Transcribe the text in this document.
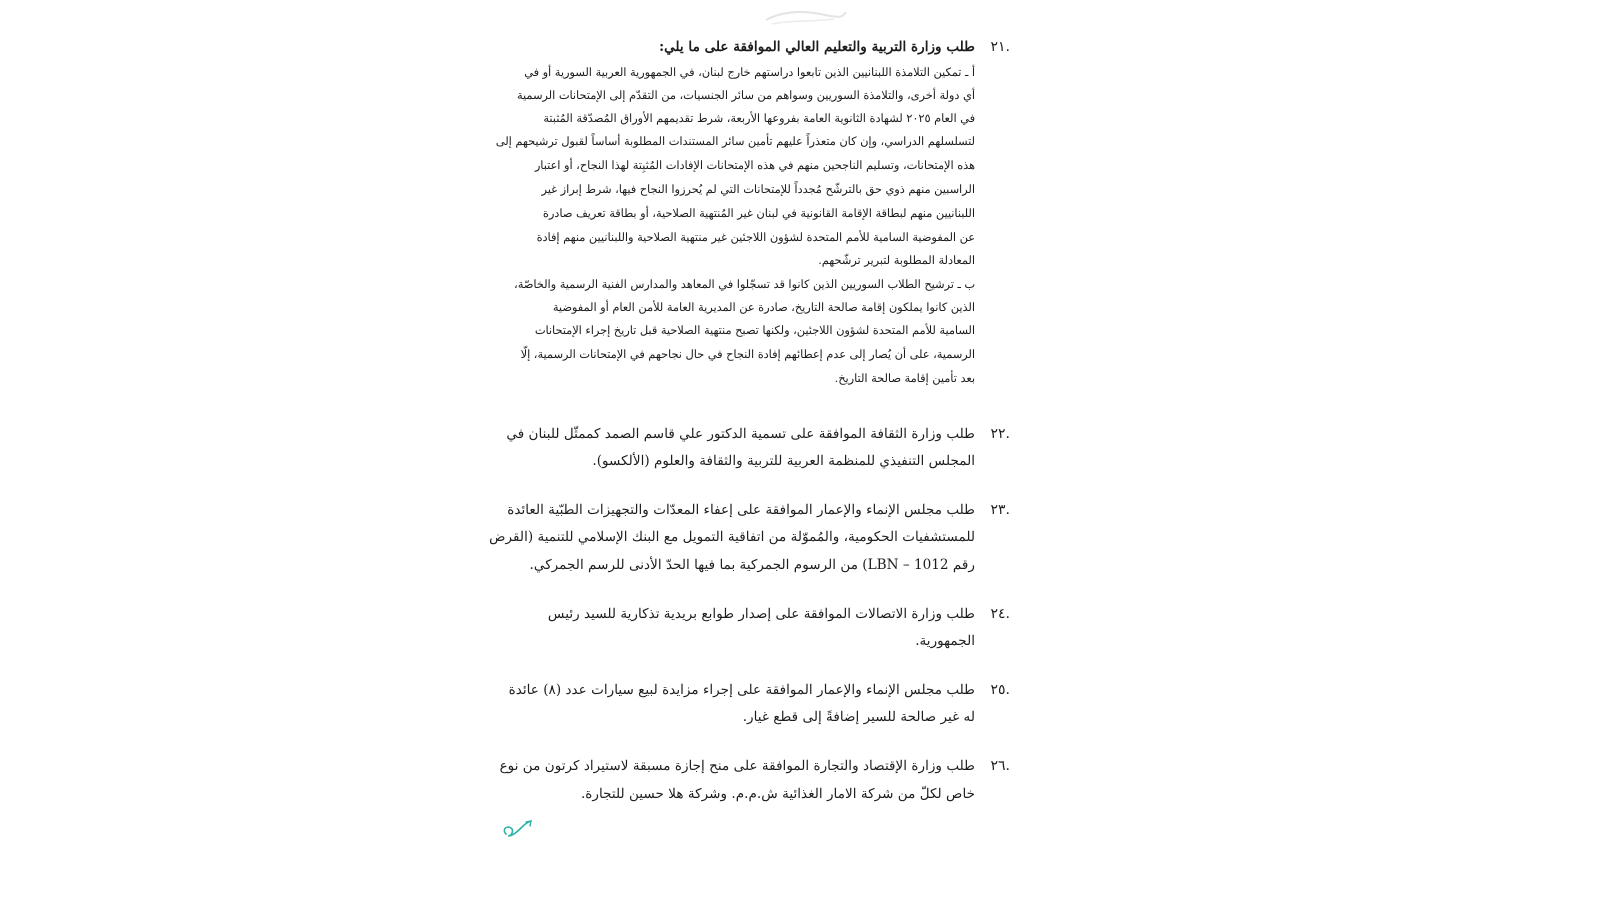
٢١.
طلب وزارة التربية والتعليم العالي الموافقة على ما يلي:
أ ـ تمكين التلامذة اللبنانيين الذين تابعوا دراستهم خارج لبنان، في الجمهورية العربية السورية أو في
أي دولة أخرى، والتلامذة السوريين وسواهم من سائر الجنسيات، من التقدّم إلى الإمتحانات الرسمية
في العام ٢٠٢٥ لشهادة الثانوية العامة بفروعها الأربعة، شرط تقديمهم الأوراق المُصدّقة المُثبتة
لتسلسلهم الدراسي، وإن كان متعذراً عليهم تأمين سائر المستندات المطلوبة أساساً لقبول ترشيحهم إلى
هذه الإمتحانات، وتسليم الناجحين منهم في هذه الإمتحانات الإفادات المُثبِتة لهذا النجاح، أو اعتبار
الراسبين منهم ذوي حق بالترشّح مُجدداً للإمتحانات التي لم يُحرزوا النجاح فيها، شرط إبراز غير
اللبنانيين منهم لبطاقة الإقامة القانونية في لبنان غير المُنتهية الصلاحية، أو بطاقة تعريف صادرة
عن المفوضية السامية للأمم المتحدة لشؤون اللاجئين غير منتهية الصلاحية واللبنانيين منهم إفادة
المعادلة المطلوبة لتبرير ترشّحهم.
ب ـ ترشيح الطلاب السوريين الذين كانوا قد تسجّلوا في المعاهد والمدارس الفنية الرسمية والخاصّة،
الذين كانوا يملكون إقامة صالحة التاريخ، صادرة عن المديرية العامة للأمن العام أو المفوضية
السامية للأمم المتحدة لشؤون اللاجئين، ولكنها تصبح منتهية الصلاحية قبل تاريخ إجراء الإمتحانات
الرسمية، على أن يُصار إلى عدم إعطائهم إفادة النجاح في حال نجاحهم في الإمتحانات الرسمية، إلّا
بعد تأمين إقامة صالحة التاريخ.
٢٢.
طلب وزارة الثقافة الموافقة على تسمية الدكتور علي قاسم الصمد كممثّل للبنان في
المجلس التنفيذي للمنظمة العربية للتربية والثقافة والعلوم (الألكسو).
٢٣.
طلب مجلس الإنماء والإعمار الموافقة على إعفاء المعدّات والتجهيزات الطبّية العائدة
للمستشفيات الحكومية، والمُموّلة من اتفاقية التمويل مع البنك الإسلامي للتنمية (القرض
رقم LBN – 1012) من الرسوم الجمركية بما فيها الحدّ الأدنى للرسم الجمركي.
٢٤.
طلب وزارة الاتصالات الموافقة على إصدار طوابع بريدية تذكارية للسيد رئيس
الجمهورية.
٢٥.
طلب مجلس الإنماء والإعمار الموافقة على إجراء مزايدة لبيع سيارات عدد (٨) عائدة
له غير صالحة للسير إضافةً إلى قطع غيار.
٢٦.
طلب وزارة الإقتصاد والتجارة الموافقة على منح إجازة مسبقة لاستيراد كرتون من نوع
خاص لكلّ من شركة الامار الغذائية ش.م.م. وشركة هلا حسين للتجارة.
